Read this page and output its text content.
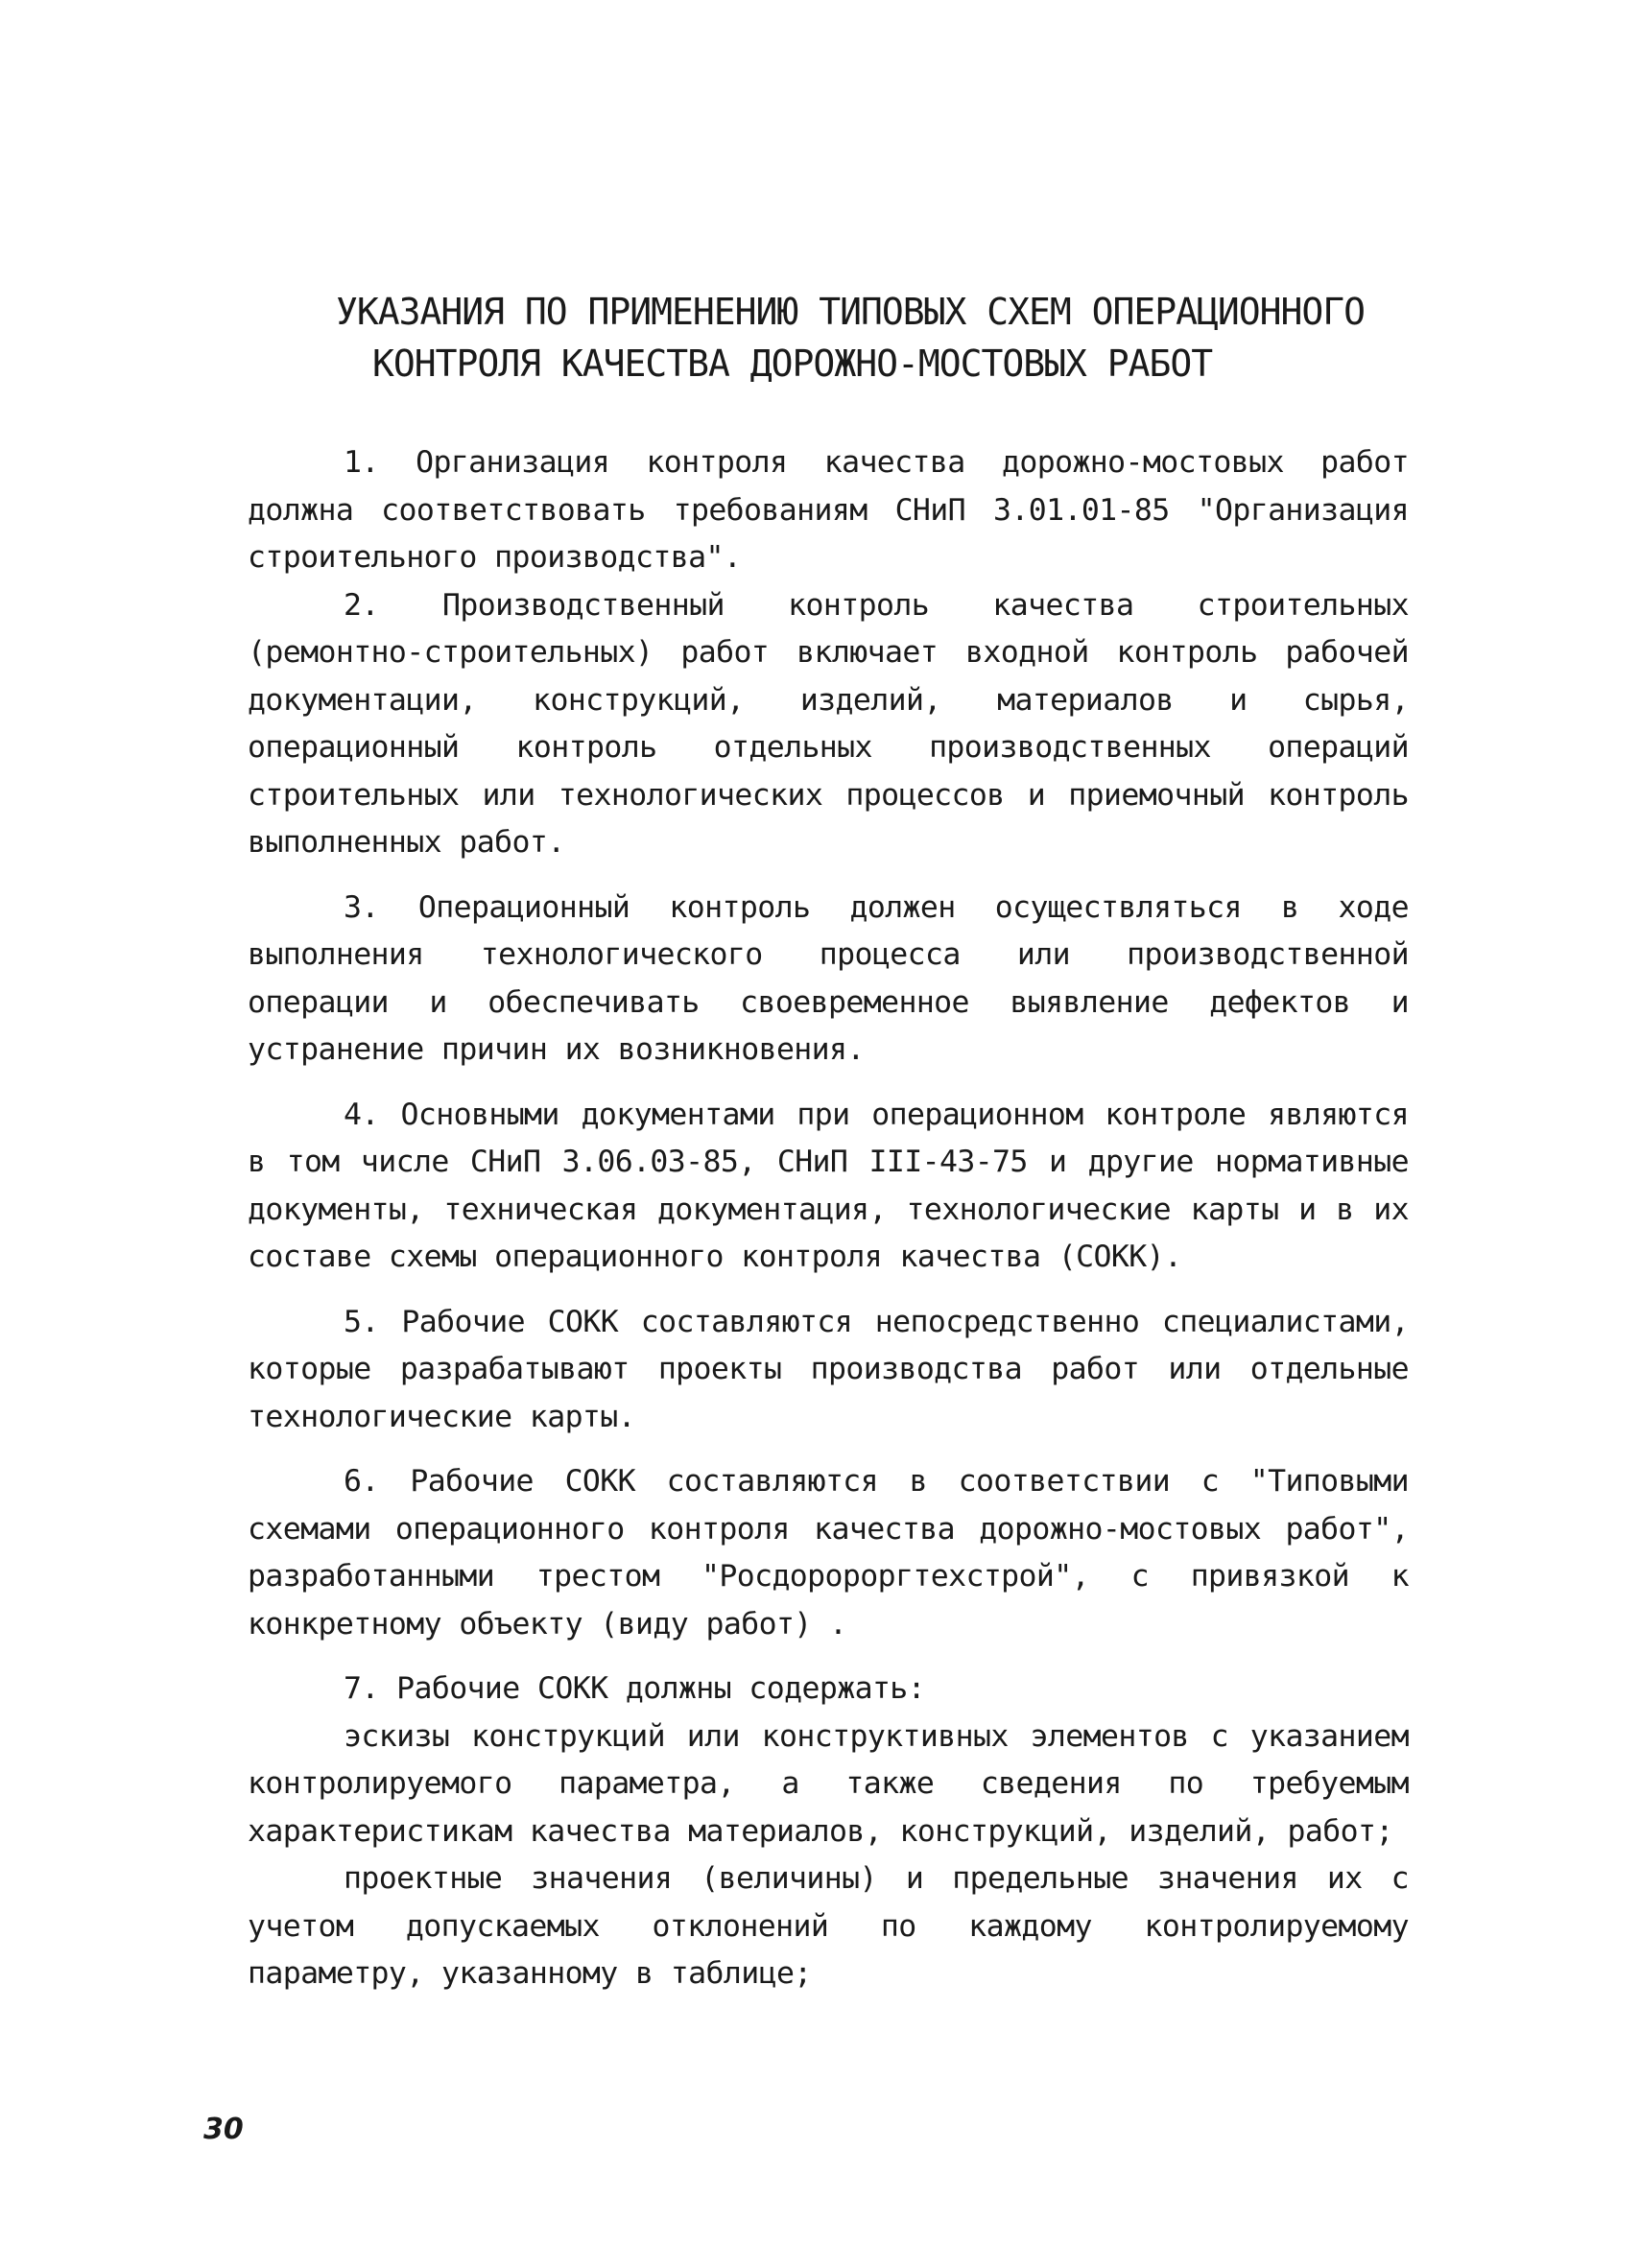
УКАЗАНИЯ ПО ПРИМЕНЕНИЮ ТИПОВЫХ СХЕМ ОПЕРАЦИОННОГО
КОНТРОЛЯ КАЧЕСТВА ДОРОЖНО-МОСТОВЫХ РАБОТ

1. Организация контроля качества дорожно-мостовых работ должна соответствовать требованиям СНиП 3.01.01-85 "Организация строительного производства".

2. Производственный контроль качества строительных (ремонтно-строительных) работ включает входной контроль рабочей документации, конструкций, изделий, материалов и сырья, операционный контроль отдельных производственных операций строительных или технологических процессов и приемочный контроль выполненных работ.

3. Операционный контроль должен осуществляться в ходе выполнения технологического процесса или производственной операции и обеспечивать своевременное выявление дефектов и устранение причин их возникновения.

4. Основными документами при операционном контроле являются в том числе СНиП 3.06.03-85, СНиП III-43-75 и другие нормативные документы, техническая документация, технологические карты и в их составе схемы операционного контроля качества (СОКК).

5. Рабочие СОКК составляются непосредственно специалистами, которые разрабатывают проекты производства работ или отдельные технологические карты.

6. Рабочие СОКК составляются в соответствии с "Типовыми схемами операционного контроля качества дорожно-мостовых работ", разработанными трестом "Росдоророргтехстрой", с привязкой к конкретному объекту (виду работ) .

7. Рабочие СОКК должны содержать:

эскизы конструкций или конструктивных элементов с указанием контролируемого параметра, а также сведения по требуемым характеристикам качества материалов, конструкций, изделий, работ;

проектные значения (величины) и предельные значения их с учетом допускаемых отклонений по каждому контролируемому параметру, указанному в таблице;

30
